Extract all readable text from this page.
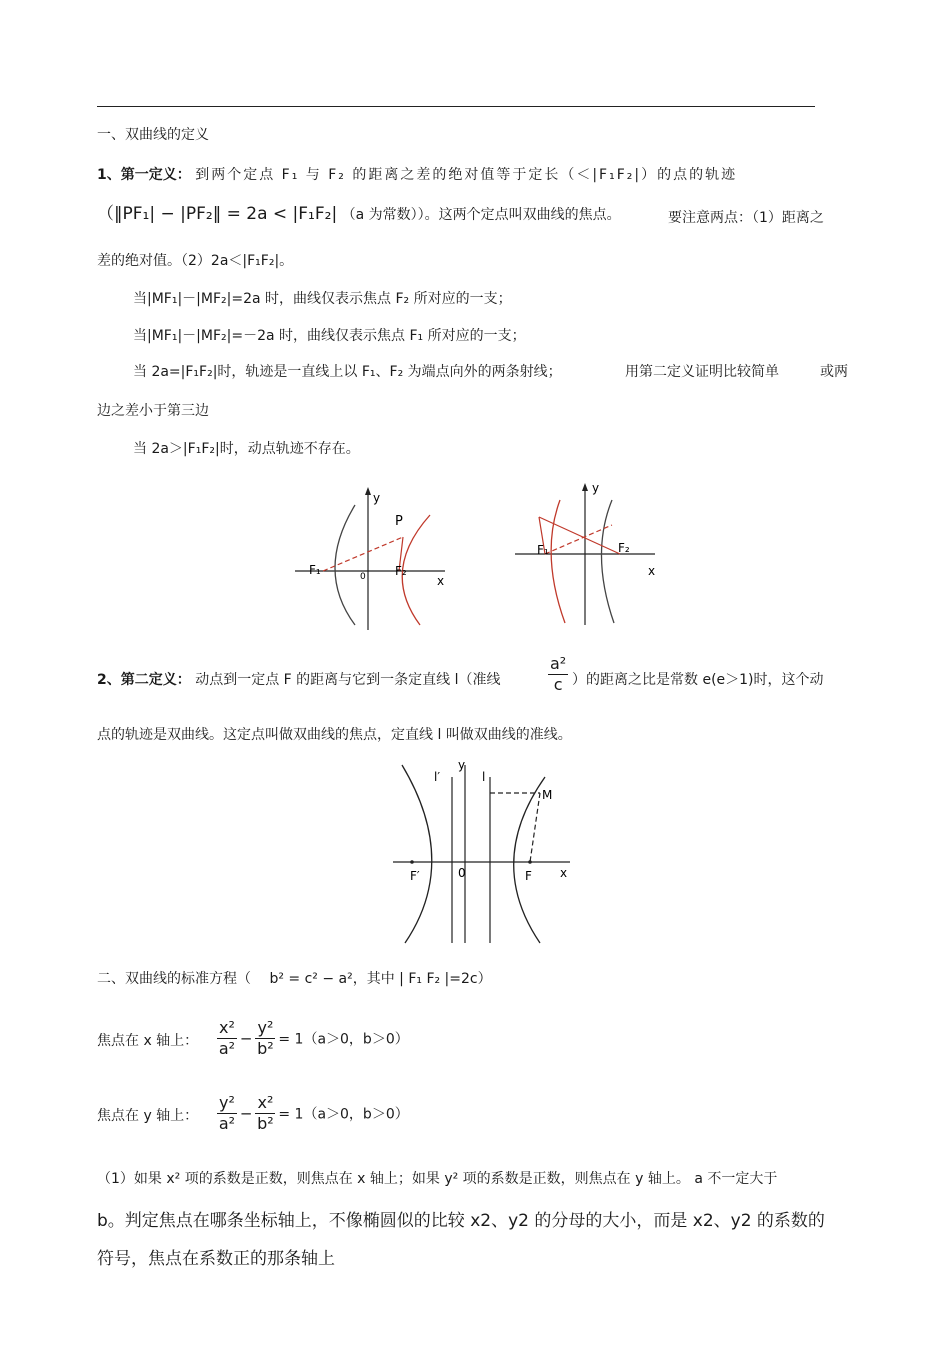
一、双曲线的定义
1、第一定义： 到两个定点 F₁ 与 F₂ 的距离之差的绝对值等于定长（＜|F₁F₂|）的点的轨迹
（‖PF₁| − |PF₂‖ = 2a < |F₁F₂| （a 为常数））。这两个定点叫双曲线的焦点。	要注意两点：（1）距离之
差的绝对值。（2）2a＜|F₁F₂|。
当|MF₁|－|MF₂|=2a 时，曲线仅表示焦点 F₂ 所对应的一支；
当|MF₁|－|MF₂|=－2a 时，曲线仅表示焦点 F₁ 所对应的一支；
当 2a=|F₁F₂|时，轨迹是一直线上以 F₁、F₂ 为端点向外的两条射线；	用第二定义证明比较简单	或两
边之差小于第三边
当 2a＞|F₁F₂|时，动点轨迹不存在。
y
x
P
F₁	F₂
0
y
x
F₁	F₂
2、第二定义： 动点到一定点 F 的距离与它到一条定直线 l（准线	$\frac{\text{a²}}{c}$ ）的距离之比是常数 e(e＞1)时，这个动
点的轨迹是双曲线。这定点叫做双曲线的焦点，定直线 l 叫做双曲线的准线。
y
x
l′	l
M
F′	F
0
二、双曲线的标准方程（ b² = c² − a²，其中 | F₁ F₂ |=2c）
焦点在 x 轴上： $\frac{\text{x²}}{\text{a²}} - \frac{\text{y²}}{\text{b²}} = 1(a>0$，b＞0）
焦点在 y 轴上： $\frac{\text{y²}}{\text{a²}} - \frac{\text{x²}}{\text{b²}} = 1(a>0$，b＞0）
（1）如果 x² 项的系数是正数，则焦点在 x 轴上；如果 y² 项的系数是正数，则焦点在 y 轴上。 a 不一定大于
b。判定焦点在哪条坐标轴上，不像椭圆似的比较 x2、y2 的分母的大小，而是 x2、y2 的系数的
符号，焦点在系数正的那条轴上
